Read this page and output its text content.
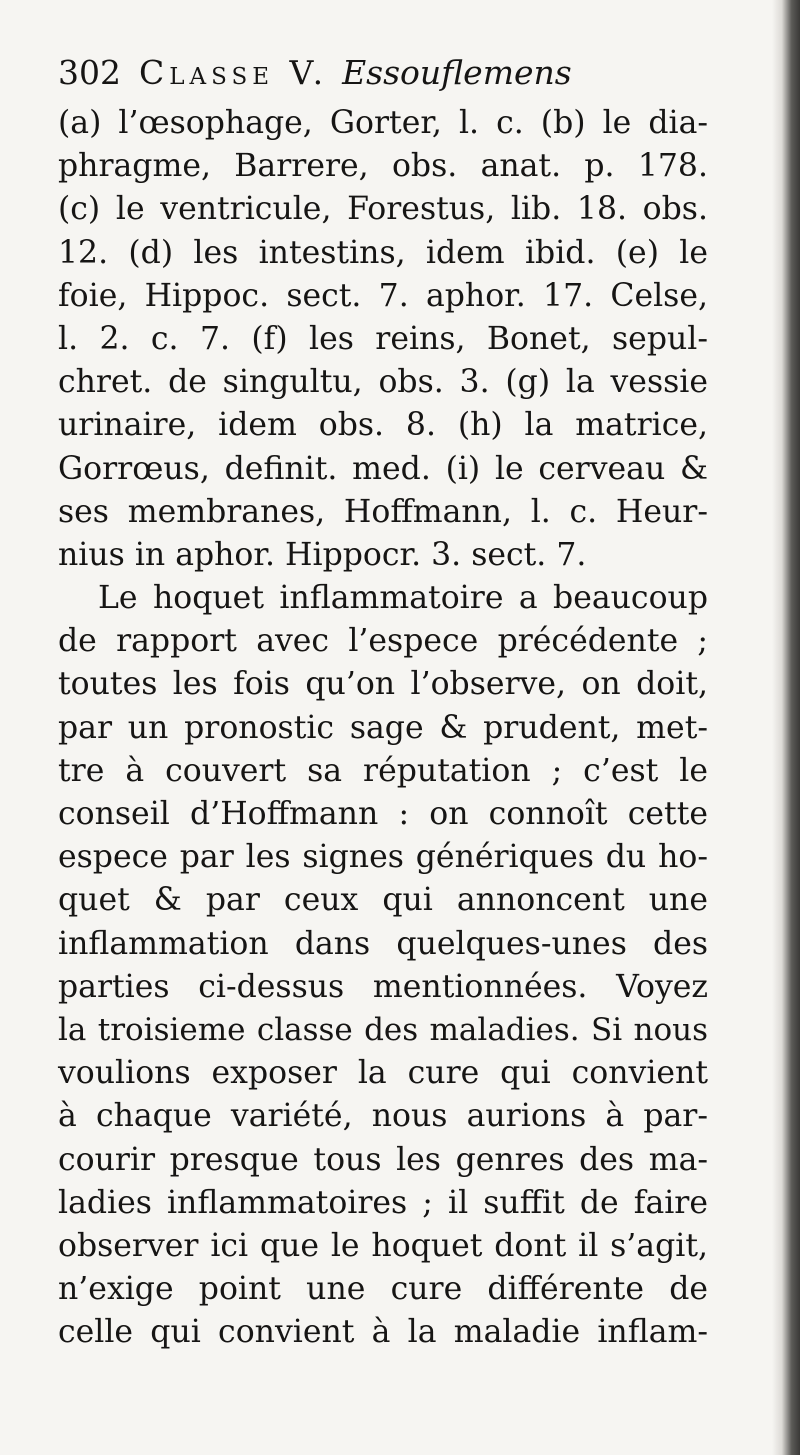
302 Classe V. Essouflemens
(a) l’œsophage, Gorter, l. c. (b) le dia-
phragme, Barrere, obs. anat. p. 178.
(c) le ventricule, Forestus, lib. 18. obs.
12. (d) les intestins, idem ibid. (e) le
foie, Hippoc. sect. 7. aphor. 17. Celse,
l. 2. c. 7. (f) les reins, Bonet, sepul-
chret. de singultu, obs. 3. (g) la vessie
urinaire, idem obs. 8. (h) la matrice,
Gorrœus, definit. med. (i) le cerveau &
ses membranes, Hoffmann, l. c. Heur-
nius in aphor. Hippocr. 3. sect. 7.
Le hoquet inflammatoire a beaucoup
de rapport avec l’espece précédente ;
toutes les fois qu’on l’observe, on doit,
par un pronostic sage & prudent, met-
tre à couvert sa réputation ; c’est le
conseil d’Hoffmann : on connoît cette
espece par les signes génériques du ho-
quet & par ceux qui annoncent une
inflammation dans quelques-unes des
parties ci-dessus mentionnées. Voyez
la troisieme classe des maladies. Si nous
voulions exposer la cure qui convient
à chaque variété, nous aurions à par-
courir presque tous les genres des ma-
ladies inflammatoires ; il suffit de faire
observer ici que le hoquet dont il s’agit,
n’exige point une cure différente de
celle qui convient à la maladie inflam-
